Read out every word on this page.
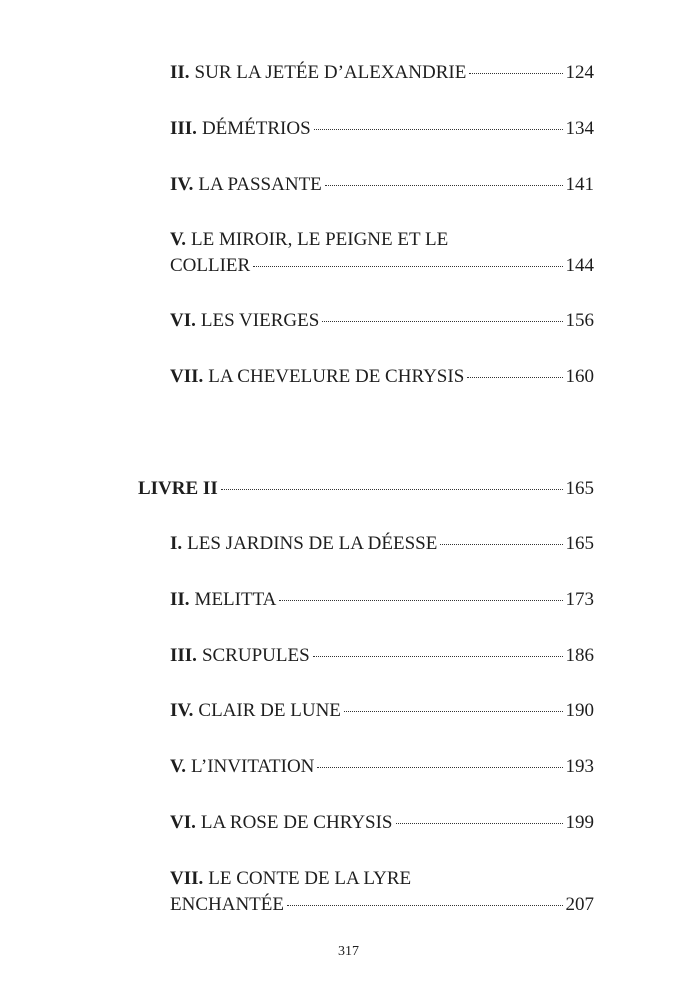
II. SUR LA JETÉE D’ALEXANDRIE	124
III. DÉMÉTRIOS	134
IV. LA PASSANTE	141
V. LE MIROIR, LE PEIGNE ET LE
COLLIER	144
VI. LES VIERGES	156
VII. LA CHEVELURE DE CHRYSIS	160
LIVRE II	165
I. LES JARDINS DE LA DÉESSE	165
II. MELITTA	173
III. SCRUPULES	186
IV. CLAIR DE LUNE	190
V. L’INVITATION	193
VI. LA ROSE DE CHRYSIS	199
VII. LE CONTE DE LA LYRE
ENCHANTÉE	207
317
